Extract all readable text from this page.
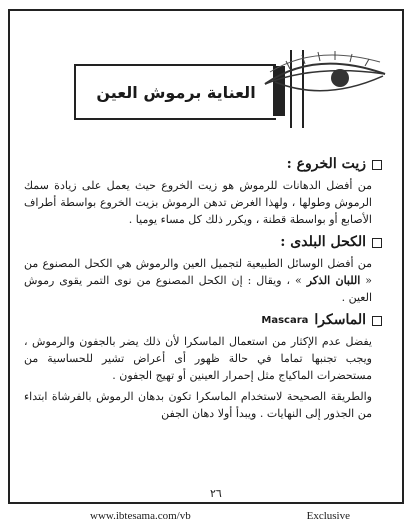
العناية برموش العين
زيت الخروع :

من أفضل الدهانات للرموش هو زيت الخروع حيث يعمل على زيادة سمك الرموش وطولها ، ولهذا الغرض تدهن الرموش بزيت الخروع بواسطة أطراف الأصابع أو بواسطة قطنة ، ويكرر ذلك كل مساء يوميا .

الكحل البلدى :

من أفضل الوسائل الطبيعية لتجميل العين والرموش هي الكحل المصنوع من « اللبان الذكر » ، ويقال : إن الكحل المصنوع من نوى التمر يقوى رموش العين .

الماسكرا
Mascara

يفضل عدم الإكثار من استعمال الماسكرا لأن ذلك يضر بالجفون والرموش ، ويجب تجنبها تماما في حالة ظهور أى أعراض تشير للحساسية من مستحضرات الماكياج مثل إحمرار العينين أو تهيج الجفون .

والطريقة الصحيحة لاستخدام الماسكرا تكون بدهان الرموش بالفرشاة ابتداء من الجذور إلى النهايات . ويبدأ أولا دهان الجفن

٢٦
www.ibtesama.com/vb	Exclusive
